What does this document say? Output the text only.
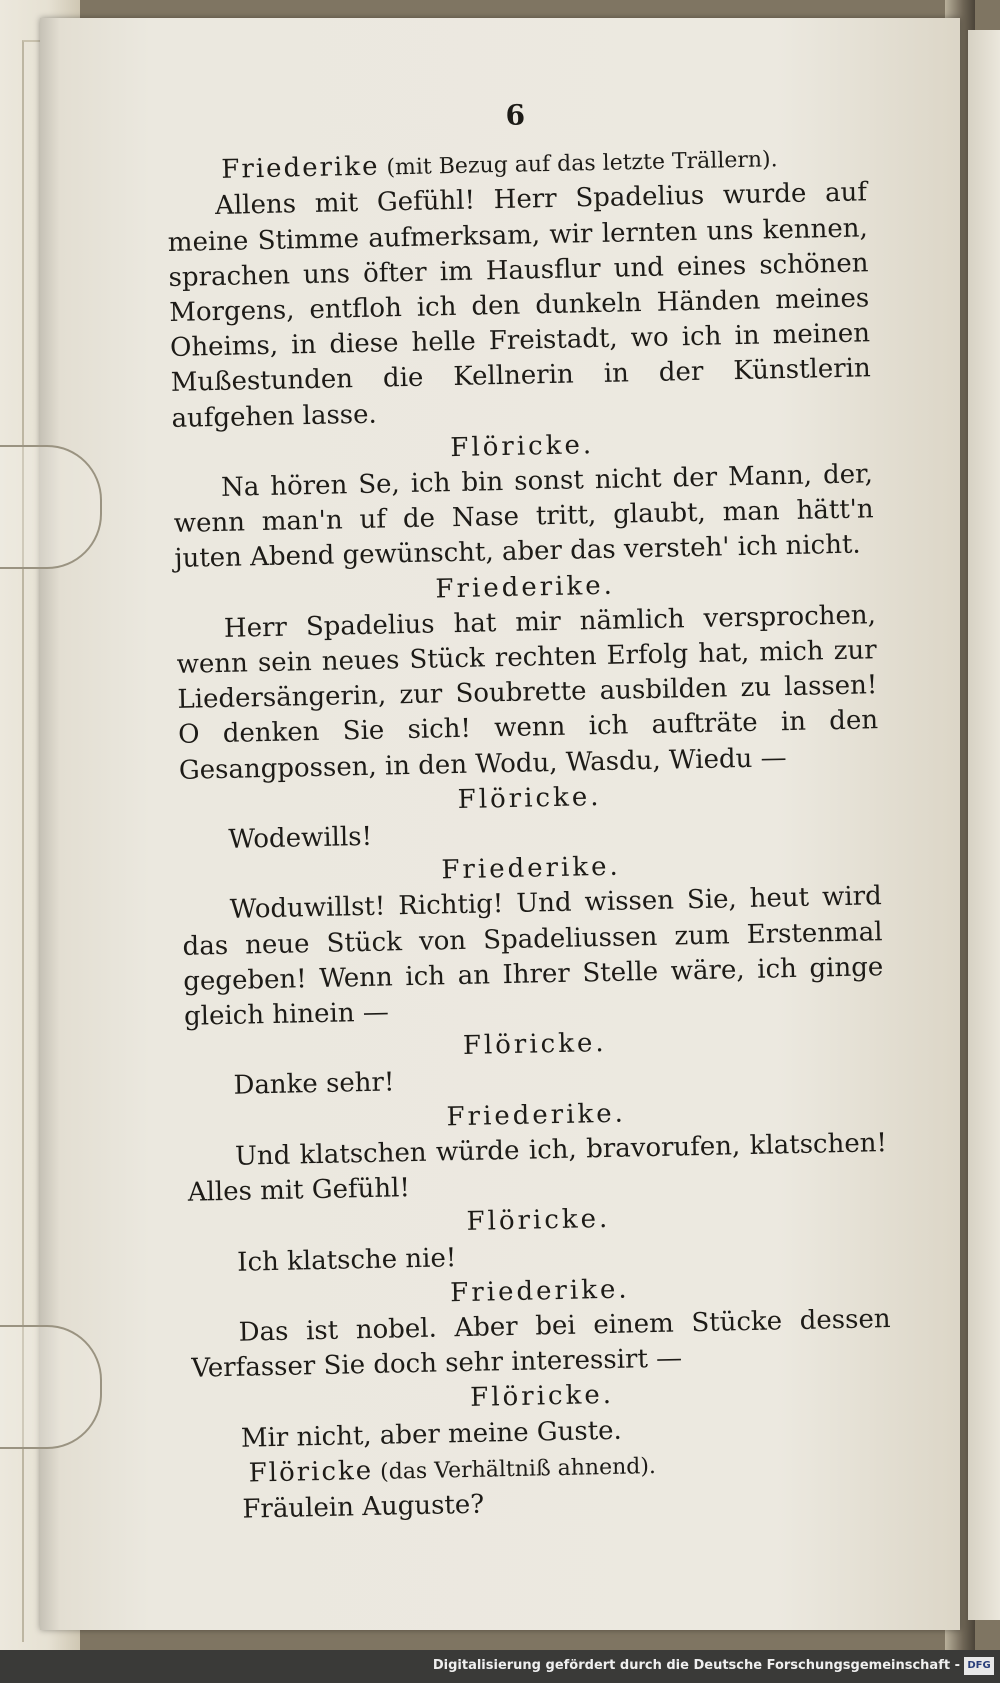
6
Friederike (mit Bezug auf das letzte Trällern).

Allens mit Gefühl! Herr Spadelius wurde auf meine Stimme aufmerksam, wir lernten uns kennen, sprachen uns öfter im Hausflur und eines schönen Morgens, entfloh ich den dunkeln Händen meines Oheims, in diese helle Freistadt, wo ich in meinen Mußestunden die Kellnerin in der Künstlerin aufgehen lasse.

Flöricke.

Na hören Se, ich bin sonst nicht der Mann, der, wenn man'n uf de Nase tritt, glaubt, man hätt'n juten Abend gewünscht, aber das versteh' ich nicht.

Friederike.

Herr Spadelius hat mir nämlich versprochen, wenn sein neues Stück rechten Erfolg hat, mich zur Liedersängerin, zur Soubrette ausbilden zu lassen! O denken Sie sich! wenn ich aufträte in den Gesangpossen, in den Wodu, Wasdu, Wiedu —

Flöricke.

Wodewills!

Friederike.

Woduwillst! Richtig! Und wissen Sie, heut wird das neue Stück von Spadeliussen zum Erstenmal gegeben! Wenn ich an Ihrer Stelle wäre, ich ginge gleich hinein —

Flöricke.

Danke sehr!

Friederike.

Und klatschen würde ich, bravorufen, klatschen! Alles mit Gefühl!

Flöricke.

Ich klatsche nie!

Friederike.

Das ist nobel. Aber bei einem Stücke dessen Verfasser Sie doch sehr interessirt —

Flöricke.

Mir nicht, aber meine Guste.

Flöricke (das Verhältniß ahnend).

Fräulein Auguste?

Digitalisierung gefördert durch die Deutsche Forschungsgemeinschaft - DFG
